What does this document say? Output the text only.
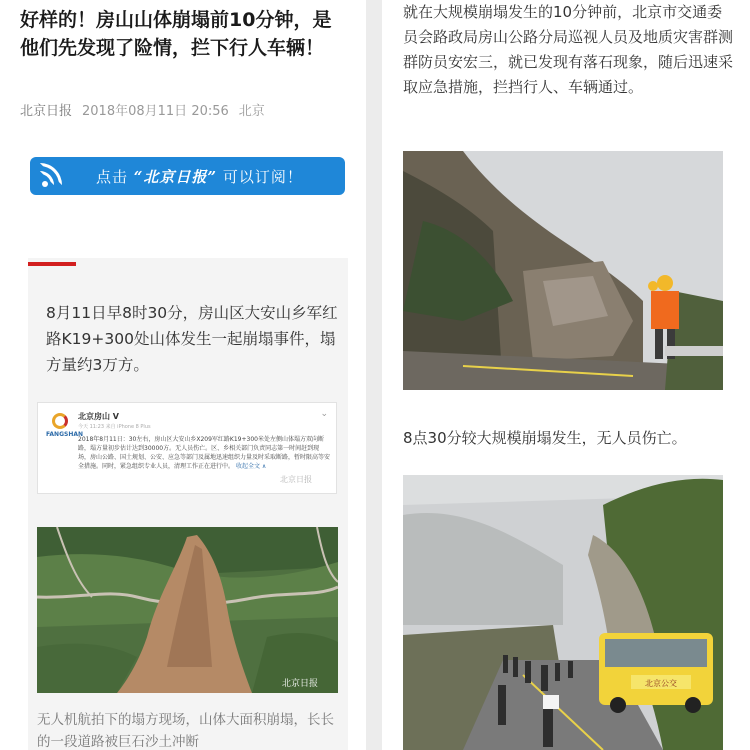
好样的！房山山体崩塌前10分钟，是他们先发现了险情，拦下行人车辆！
北京日报 2018年08月11日 20:56 北京
点击 “北京日报” 可以订阅！
8月11日早8时30分，房山区大安山乡军红路K19+300处山体发生一起崩塌事件，塌方量约3万方。
FANGSHAN
北京房山 V
今天 11:23 来自 iPhone 8 Plus
⌄
2018年8月11日：30左右，房山区大安山乡X209军红路K19+300米处左侧山体塌方双向断路，塌方量初步估计达到30000方。无人员伤亡。区、乡相关部门负责同志第一时间赶到现场，房山公路、国土规划、公安、应急等部门及属地迅速组织力量及时采取断路，暂时限高等安全措施。同时，紧急组织专业人员，清理工作正在进行中。 收起全文 ∧
北京日报
北京日报
无人机航拍下的塌方现场，山体大面积崩塌，长长的一段道路被巨石沙土冲断
就在大规模崩塌发生的10分钟前，北京市交通委员会路政局房山公路分局巡视人员及地质灾害群测群防员安宏三，就已发现有落石现象，随后迅速采取应急措施，拦挡行人、车辆通过。
8点30分较大规模崩塌发生，无人员伤亡。
北京公交
